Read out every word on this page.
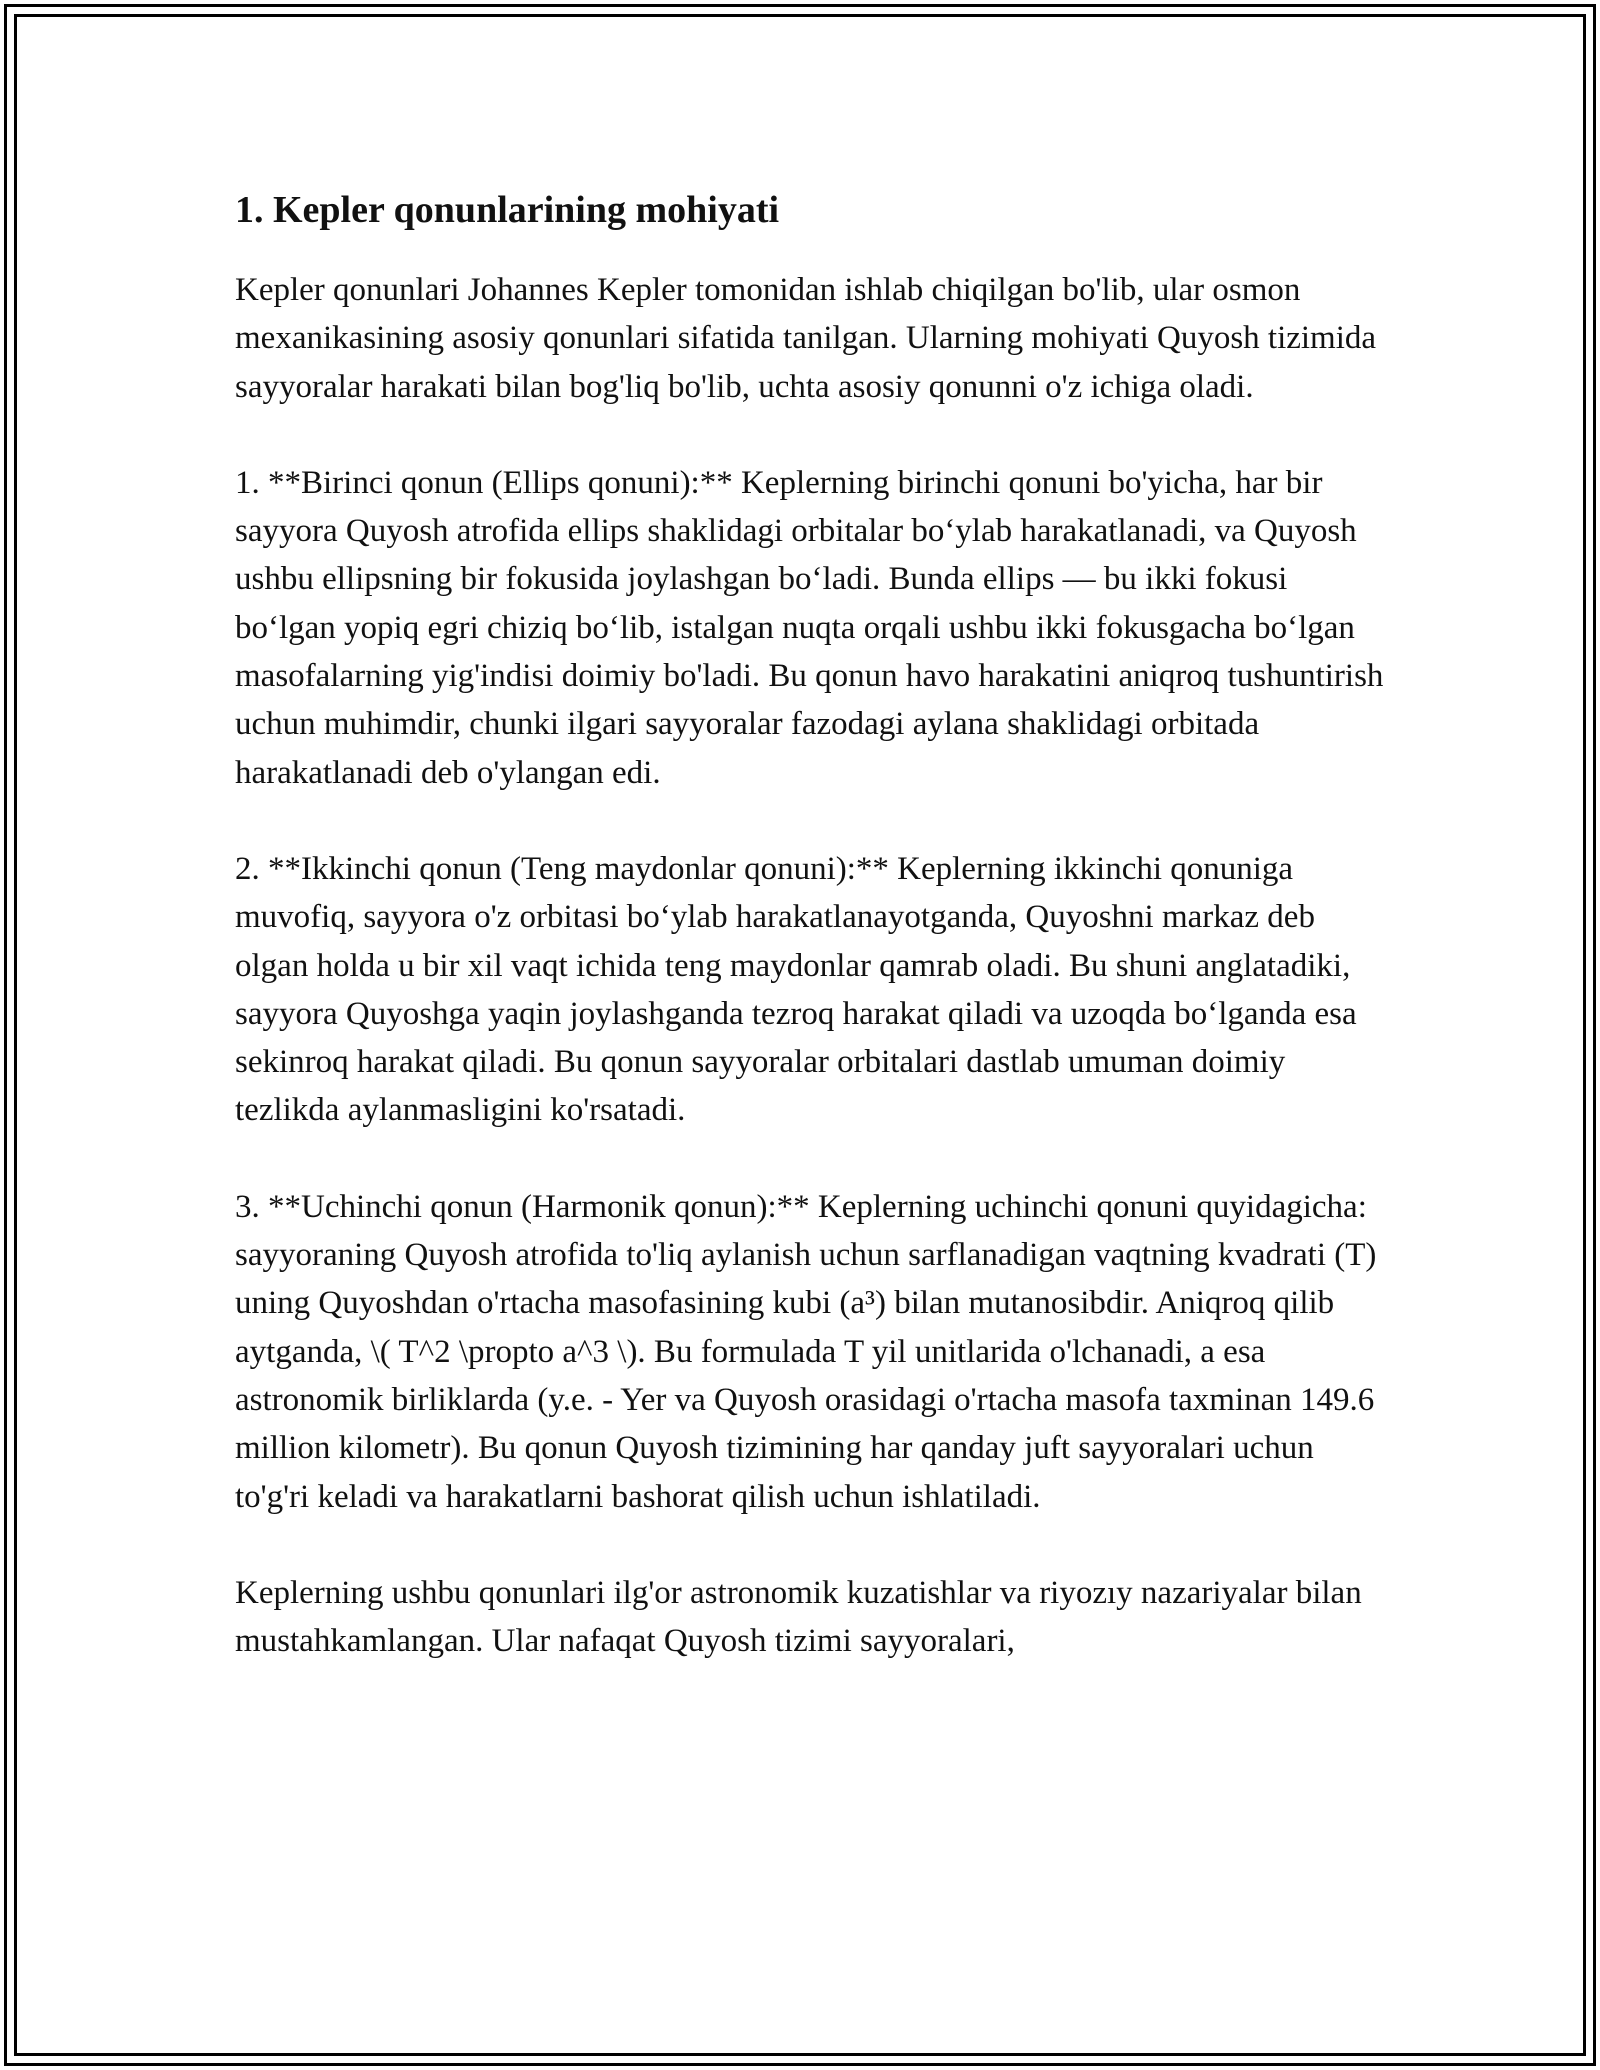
1. Kepler qonunlarining mohiyati

Kepler qonunlari Johannes Kepler tomonidan ishlab chiqilgan bo'lib, ular osmon mexanikasining asosiy qonunlari sifatida tanilgan. Ularning mohiyati Quyosh tizimida sayyoralar harakati bilan bog'liq bo'lib, uchta asosiy qonunni o'z ichiga oladi.

1. **Birinci qonun (Ellips qonuni):** Keplerning birinchi qonuni bo'yicha, har bir sayyora Quyosh atrofida ellips shaklidagi orbitalar bo‘ylab harakatlanadi, va Quyosh ushbu ellipsning bir fokusida joylashgan bo‘ladi. Bunda ellips — bu ikki fokusi bo‘lgan yopiq egri chiziq bo‘lib, istalgan nuqta orqali ushbu ikki fokusgacha bo‘lgan masofalarning yig'indisi doimiy bo'ladi. Bu qonun havo harakatini aniqroq tushuntirish uchun muhimdir, chunki ilgari sayyoralar fazodagi aylana shaklidagi orbitada harakatlanadi deb o'ylangan edi.

2. **Ikkinchi qonun (Teng maydonlar qonuni):** Keplerning ikkinchi qonuniga muvofiq, sayyora o'z orbitasi bo‘ylab harakatlanayotganda, Quyoshni markaz deb olgan holda u bir xil vaqt ichida teng maydonlar qamrab oladi. Bu shuni anglatadiki, sayyora Quyoshga yaqin joylashganda tezroq harakat qiladi va uzoqda bo‘lganda esa sekinroq harakat qiladi. Bu qonun sayyoralar orbitalari dastlab umuman doimiy tezlikda aylanmasligini ko'rsatadi.

3. **Uchinchi qonun (Harmonik qonun):** Keplerning uchinchi qonuni quyidagicha: sayyoraning Quyosh atrofida to'liq aylanish uchun sarflanadigan vaqtning kvadrati (T) uning Quyoshdan o'rtacha masofasining kubi (a³) bilan mutanosibdir. Aniqroq qilib aytganda, \( T^2 \propto a^3 \). Bu formulada T yil unitlarida o'lchanadi, a esa astronomik birliklarda (y.e. - Yer va Quyosh orasidagi o'rtacha masofa taxminan 149.6 million kilometr). Bu qonun Quyosh tizimining har qanday juft sayyoralari uchun to'g'ri keladi va harakatlarni bashorat qilish uchun ishlatiladi.

Keplerning ushbu qonunlari ilg'or astronomik kuzatishlar va riyozıy nazariyalar bilan mustahkamlangan. Ular nafaqat Quyosh tizimi sayyoralari,
